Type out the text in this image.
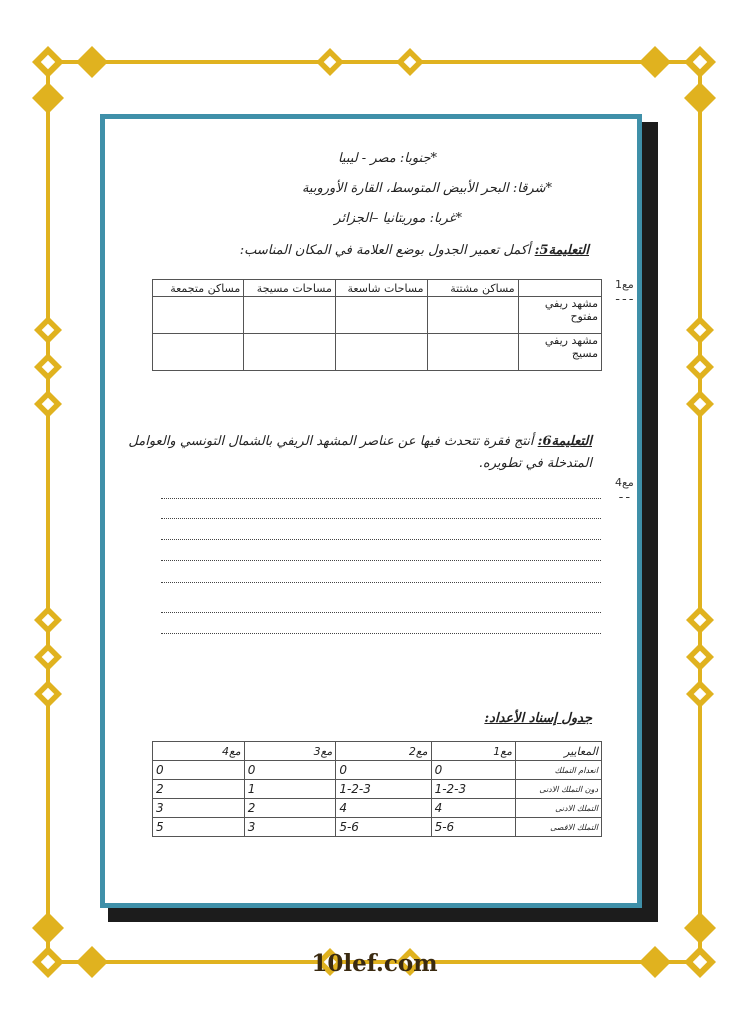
*جنوبا: مصر - ليبيا
*شرقا: البحر الأبيض المتوسط، القارة الأوروبية
*غربا: موريتانيا –الجزائر
التعليمة5: أكمل تعمير الجدول بوضع العلامة في المكان المناسب:
مع1
ـ ـ ـ
	مساكن مشتتة	مساحات شاسعة	مساحات مسيجة	مساكن متجمعة
مشهد ريفي مفتوح				
مشهد ريفي مسيج				
التعليمة6: أنتج فقرة تتحدث فيها عن عناصر المشهد الريفي بالشمال التونسي والعوامل
المتدخلة في تطويره.
مع4
ـ ـ
جدول إسناد الأعداد:
المعايير	مع1	مع2	مع3	مع4
انعدام التملك	0	0	0	0
دون التملك الادنى	1-2-3	1-2-3	1	2
التملك الادنى	4	4	2	3
التملك الاقصى	5-6	5-6	3	5
10lef.com
